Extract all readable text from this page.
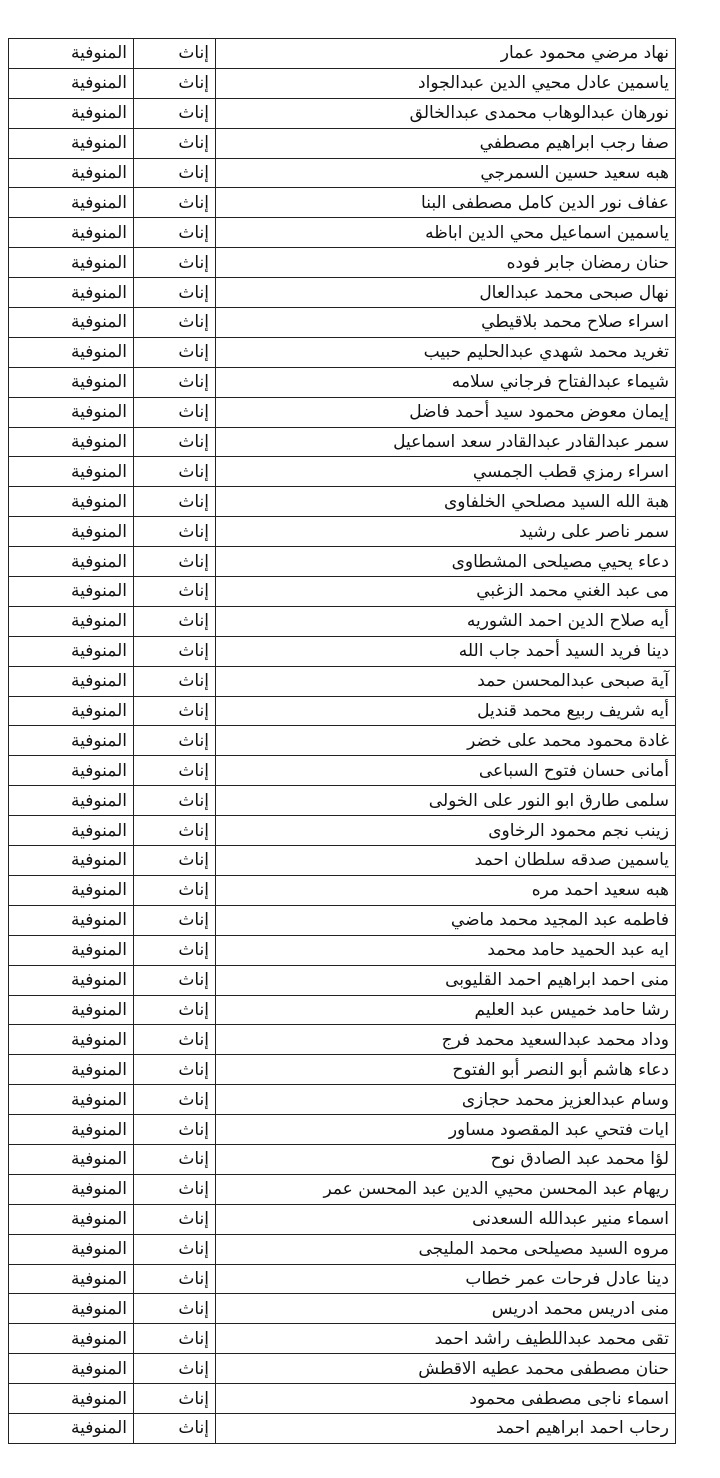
المنوفية	إناث	نهاد مرضي محمود عمار
المنوفية	إناث	ياسمين عادل محيي الدين عبدالجواد
المنوفية	إناث	نورهان عبدالوهاب محمدى عبدالخالق
المنوفية	إناث	صفا رجب ابراهيم مصطفي
المنوفية	إناث	هبه سعيد حسين السمرجي
المنوفية	إناث	عفاف نور الدين كامل مصطفى البنا
المنوفية	إناث	ياسمين اسماعيل محي الدين اباظه
المنوفية	إناث	حنان رمضان جابر فوده
المنوفية	إناث	نهال صبحى محمد عبدالعال
المنوفية	إناث	اسراء صلاح محمد بلاقيطي
المنوفية	إناث	تغريد محمد شهدي عبدالحليم حبيب
المنوفية	إناث	شيماء عبدالفتاح فرجاني سلامه
المنوفية	إناث	إيمان معوض محمود سيد أحمد فاضل
المنوفية	إناث	سمر عبدالقادر عبدالقادر سعد اسماعيل
المنوفية	إناث	اسراء رمزي قطب الجمسي
المنوفية	إناث	هبة الله السيد مصلحي الخلفاوى
المنوفية	إناث	سمر ناصر على رشيد
المنوفية	إناث	دعاء يحيي مصيلحى المشطاوى
المنوفية	إناث	مى عبد الغني محمد الزغبي
المنوفية	إناث	أيه صلاح الدين احمد الشوريه
المنوفية	إناث	دينا فريد السيد أحمد جاب الله
المنوفية	إناث	آية صبحى عبدالمحسن حمد
المنوفية	إناث	أيه شريف ربيع محمد قنديل
المنوفية	إناث	غادة محمود محمد على خضر
المنوفية	إناث	أمانى حسان فتوح السباعى
المنوفية	إناث	سلمى طارق ابو النور على الخولى
المنوفية	إناث	زينب نجم محمود الرخاوى
المنوفية	إناث	ياسمين صدقه سلطان احمد
المنوفية	إناث	هبه سعيد احمد مره
المنوفية	إناث	فاطمه عبد المجيد محمد ماضي
المنوفية	إناث	ايه عبد الحميد حامد محمد
المنوفية	إناث	منى احمد ابراهيم احمد القليوبى
المنوفية	إناث	رشا حامد خميس عبد العليم
المنوفية	إناث	وداد محمد عبدالسعيد محمد فرج
المنوفية	إناث	دعاء هاشم أبو النصر أبو الفتوح
المنوفية	إناث	وسام عبدالعزيز محمد حجازى
المنوفية	إناث	ايات فتحي عبد المقصود مساور
المنوفية	إناث	لؤا محمد عبد الصادق نوح
المنوفية	إناث	ريهام عبد المحسن محيي الدين عبد المحسن عمر
المنوفية	إناث	اسماء منير عبدالله السعدنى
المنوفية	إناث	مروه السيد مصيلحى محمد المليجى
المنوفية	إناث	دينا عادل فرحات عمر خطاب
المنوفية	إناث	منى ادريس محمد ادريس
المنوفية	إناث	تقى محمد عبداللطيف راشد احمد
المنوفية	إناث	حنان مصطفى محمد عطيه الاقطش
المنوفية	إناث	اسماء ناجى مصطفى محمود
المنوفية	إناث	رحاب احمد ابراهيم احمد
